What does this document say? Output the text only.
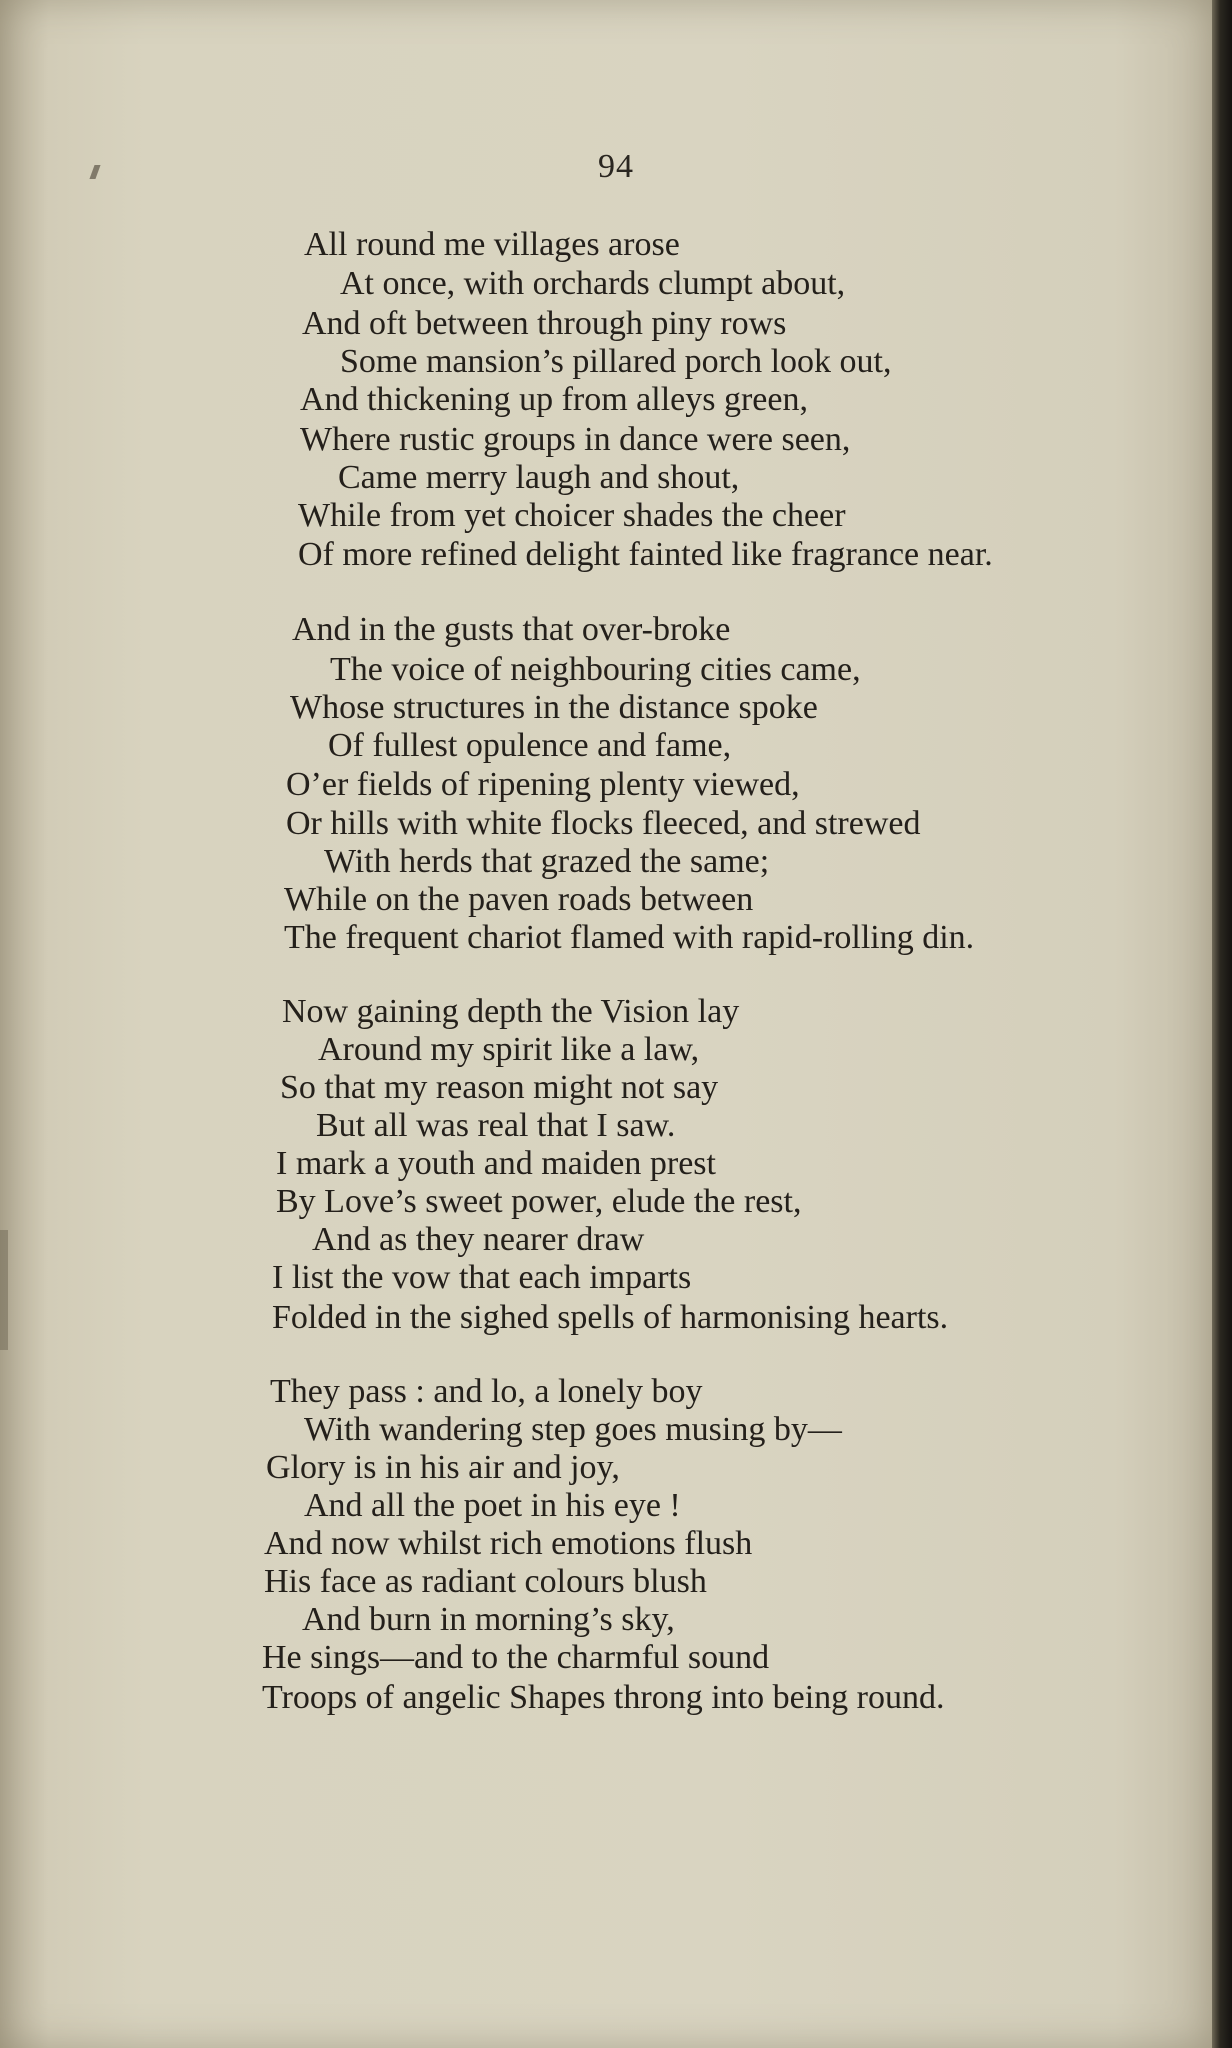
94
All round me villages arose
At once, with orchards clumpt about,
And oft between through piny rows
Some mansion’s pillared porch look out,
And thickening up from alleys green,
Where rustic groups in dance were seen,
Came merry laugh and shout,
While from yet choicer shades the cheer
Of more refined delight fainted like fragrance near.
And in the gusts that over-broke
The voice of neighbouring cities came,
Whose structures in the distance spoke
Of fullest opulence and fame,
O’er fields of ripening plenty viewed,
Or hills with white flocks fleeced, and strewed
With herds that grazed the same;
While on the paven roads between
The frequent chariot flamed with rapid-rolling din.
Now gaining depth the Vision lay
Around my spirit like a law,
So that my reason might not say
But all was real that I saw.
I mark a youth and maiden prest
By Love’s sweet power, elude the rest,
And as they nearer draw
I list the vow that each imparts
Folded in the sighed spells of harmonising hearts.
They pass : and lo, a lonely boy
With wandering step goes musing by—
Glory is in his air and joy,
And all the poet in his eye !
And now whilst rich emotions flush
His face as radiant colours blush
And burn in morning’s sky,
He sings—and to the charmful sound
Troops of angelic Shapes throng into being round.
